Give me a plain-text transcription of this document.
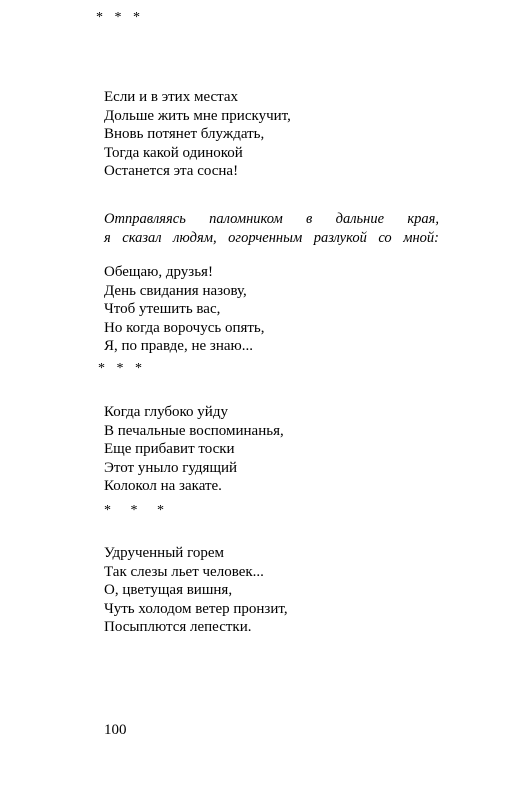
* * *
Если и в этих местах
Дольше жить мне прискучит,
Вновь потянет блуждать,
Тогда какой одинокой
Останется эта сосна!
Отправляясь паломником в дальние края,
я сказал людям, огорченным разлукой со мной:
Обещаю, друзья!
День свидания назову,
Чтоб утешить вас,
Но когда ворочусь опять,
Я, по правде, не знаю...
* * *
Когда глубоко уйду
В печальные воспоминанья,
Еще прибавит тоски
Этот уныло гудящий
Колокол на закате.
* * *
Удрученный горем
Так слезы льет человек...
О, цветущая вишня,
Чуть холодом ветер пронзит,
Посыплются лепестки.
100
